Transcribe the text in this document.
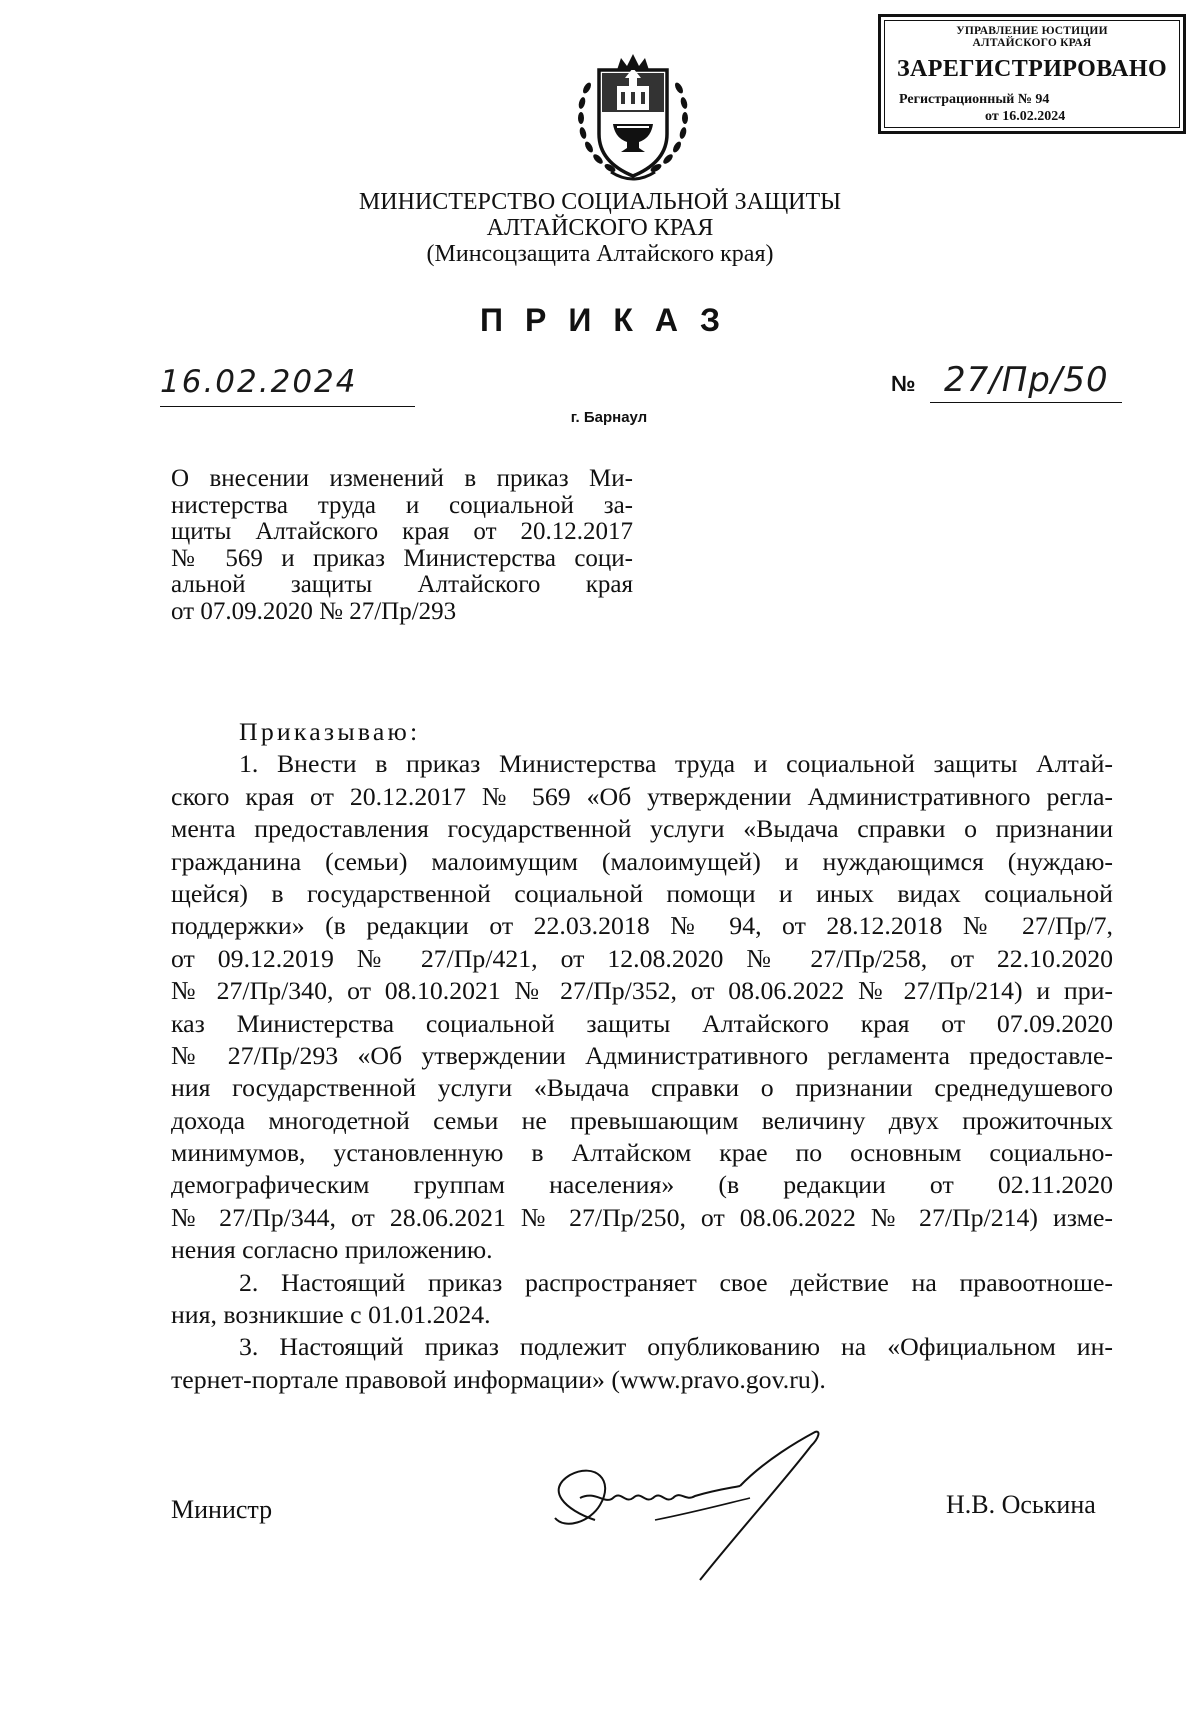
УПРАВЛЕНИЕ ЮСТИЦИИ
АЛТАЙСКОГО КРАЯ
ЗАРЕГИСТРИРОВАНО
Регистрационный № 94
от 16.02.2024
МИНИСТЕРСТВО СОЦИАЛЬНОЙ ЗАЩИТЫ
АЛТАЙСКОГО КРАЯ
(Минсоцзащита Алтайского края)
ПРИКАЗ
16.02.2024	№ 27/Пр/50
г. Барнаул
О внесении изменений в приказ Ми-
нистерства труда и социальной за-
щиты Алтайского края от 20.12.2017
№ 569 и приказ Министерства соци-
альной защиты Алтайского края
от 07.09.2020 № 27/Пр/293
Приказываю:
1. Внести в приказ Министерства труда и социальной защиты Алтай-
ского края от 20.12.2017 № 569 «Об утверждении Административного регла-
мента предоставления государственной услуги «Выдача справки о признании
гражданина (семьи) малоимущим (малоимущей) и нуждающимся (нуждаю-
щейся) в государственной социальной помощи и иных видах социальной
поддержки» (в редакции от 22.03.2018 № 94, от 28.12.2018 № 27/Пр/7,
от 09.12.2019 № 27/Пр/421, от 12.08.2020 № 27/Пр/258, от 22.10.2020
№ 27/Пр/340, от 08.10.2021 № 27/Пр/352, от 08.06.2022 № 27/Пр/214) и при-
каз Министерства социальной защиты Алтайского края от 07.09.2020
№ 27/Пр/293 «Об утверждении Административного регламента предоставле-
ния государственной услуги «Выдача справки о признании среднедушевого
дохода многодетной семьи не превышающим величину двух прожиточных
минимумов, установленную в Алтайском крае по основным социально-
демографическим группам населения» (в редакции от 02.11.2020
№ 27/Пр/344, от 28.06.2021 № 27/Пр/250, от 08.06.2022 № 27/Пр/214) изме-
нения согласно приложению.
2. Настоящий приказ распространяет свое действие на правоотноше-
ния, возникшие с 01.01.2024.
3. Настоящий приказ подлежит опубликованию на «Официальном ин-
тернет-портале правовой информации» (www.pravo.gov.ru).
Министр	Н.В. Оськина
